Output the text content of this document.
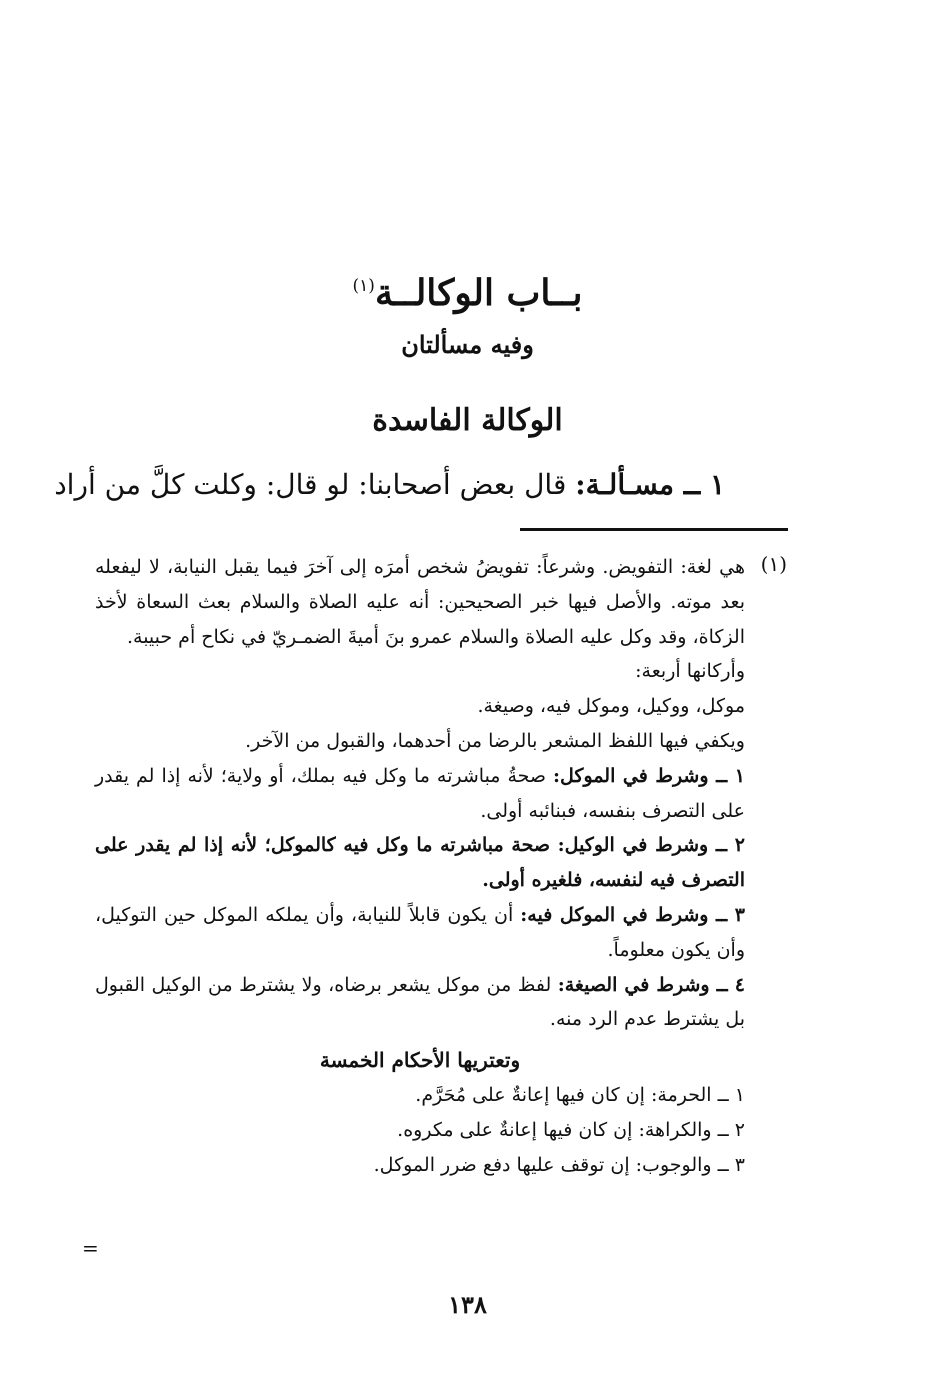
بــاب الوكالــة$^{(١)}$
وفيه مسألتان
الوكالة الفاسدة
١ ــ مسـألـة: قال بعض أصحابنا: لو قال: وكلت كلَّ من أراد
(١)

هي لغة: التفويض. وشرعاً: تفويضُ شخص أمرَه إلى آخرَ فيما يقبل النيابة، لا ليفعله بعد موته. والأصل فيها خبر الصحيحين: أنه عليه الصلاة والسلام بعث السعاة لأخذ الزكاة، وقد وكل عليه الصلاة والسلام عمرو بنَ أميةَ الضمـريّ في نكاح أم حبيبة.

وأركانها أربعة:

موكل، ووكيل، وموكل فيه، وصيغة.

ويكفي فيها اللفظ المشعر بالرضا من أحدهما، والقبول من الآخر.

١ ــ وشرط في الموكل: صحةُ مباشرته ما وكل فيه بملك، أو ولاية؛ لأنه إذا لم يقدر على التصرف بنفسه، فبنائبه أولى.

٢ ــ وشرط في الوكيل: صحة مباشرته ما وكل فيه كالموكل؛ لأنه إذا لم يقدر على التصرف فيه لنفسه، فلغيره أولى.

٣ ــ وشرط في الموكل فيه: أن يكون قابلاً للنيابة، وأن يملكه الموكل حين التوكيل، وأن يكون معلوماً.

٤ ــ وشرط في الصيغة: لفظ من موكل يشعر برضاه، ولا يشترط من الوكيل القبول بل يشترط عدم الرد منه.

وتعتريها الأحكام الخمسة

١ ــ الحرمة: إن كان فيها إعانةٌ على مُحَرَّم.

٢ ــ والكراهة: إن كان فيها إعانةٌ على مكروه.

٣ ــ والوجوب: إن توقف عليها دفع ضرر الموكل.

=
١٣٨
